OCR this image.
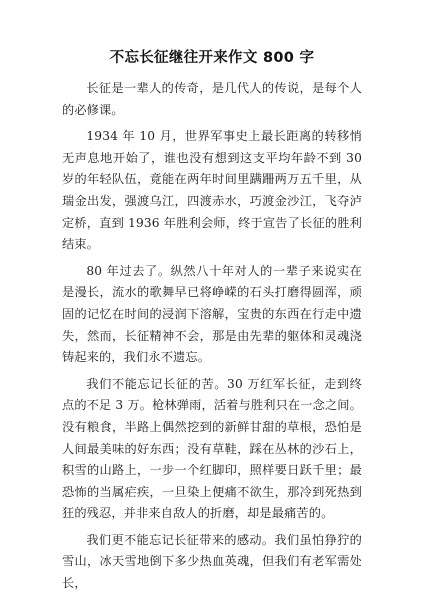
不忘长征继往开来作文 800 字

长征是一辈人的传奇，是几代人的传说，是每个人的必修课。

1934 年 10 月，世界军事史上最长距离的转移悄无声息地开始了，谁也没有想到这支平均年龄不到 30 岁的年轻队伍，竟能在两年时间里蹒跚两万五千里，从瑞金出发，强渡乌江，四渡赤水，巧渡金沙江，飞夺泸定桥，直到 1936 年胜利会师，终于宣告了长征的胜利结束。

80 年过去了。纵然八十年对人的一辈子来说实在是漫长，流水的歌舞早已将峥嵘的石头打磨得圆浑，顽固的记忆在时间的浸润下溶解，宝贵的东西在行走中遗失，然而，长征精神不会，那是由先辈的躯体和灵魂浇铸起来的，我们永不遗忘。

我们不能忘记长征的苦。30 万红军长征，走到终点的不足 3 万。枪林弹雨，活着与胜利只在一念之间。没有粮食，半路上偶然挖到的新鲜甘甜的草根，恐怕是人间最美味的好东西；没有草鞋，踩在丛林的沙石上，积雪的山路上，一步一个红脚印，照样要日跃千里；最恐怖的当属疟疾，一旦染上便痛不欲生，那冷到死热到狂的残忍，并非来自敌人的折磨，却是最痛苦的。

我们更不能忘记长征带来的感动。我们虽怕狰狞的雪山，冰天雪地倒下多少热血英魂，但我们有老军需处长，
